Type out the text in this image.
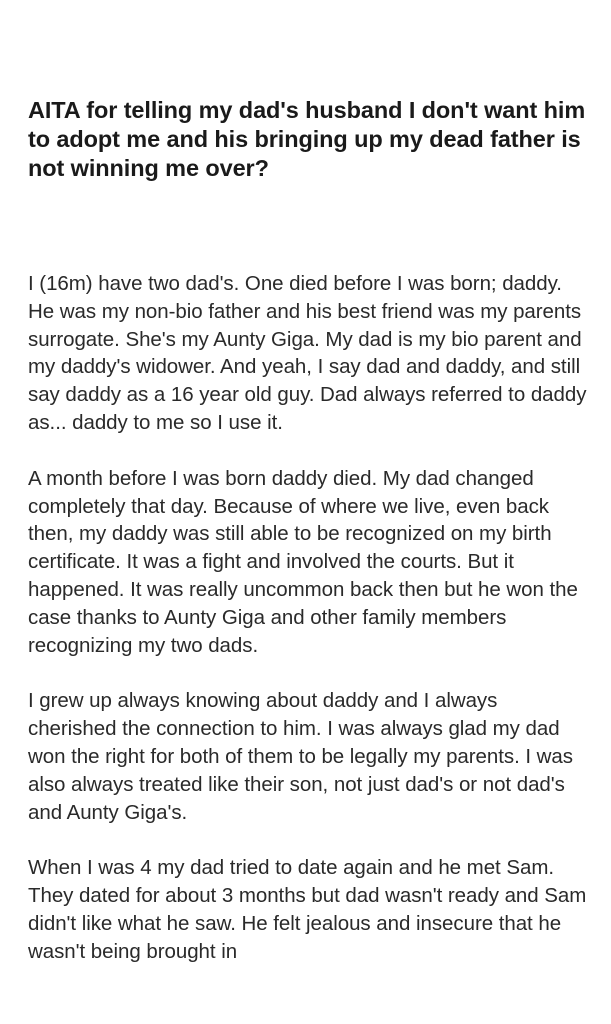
AITA for telling my dad's husband I don't want him to adopt me and his bringing up my dead father is not winning me over?

I (16m) have two dad's. One died before I was born; daddy. He was my non-bio father and his best friend was my parents surrogate. She's my Aunty Giga. My dad is my bio parent and my daddy's widower. And yeah, I say dad and daddy, and still say daddy as a 16 year old guy. Dad always referred to daddy as... daddy to me so I use it.

A month before I was born daddy died. My dad changed completely that day. Because of where we live, even back then, my daddy was still able to be recognized on my birth certificate. It was a fight and involved the courts. But it happened. It was really uncommon back then but he won the case thanks to Aunty Giga and other family members recognizing my two dads.

I grew up always knowing about daddy and I always cherished the connection to him. I was always glad my dad won the right for both of them to be legally my parents. I was also always treated like their son, not just dad's or not dad's and Aunty Giga's.

When I was 4 my dad tried to date again and he met Sam. They dated for about 3 months but dad wasn't ready and Sam didn't like what he saw. He felt jealous and insecure that he wasn't being brought in
